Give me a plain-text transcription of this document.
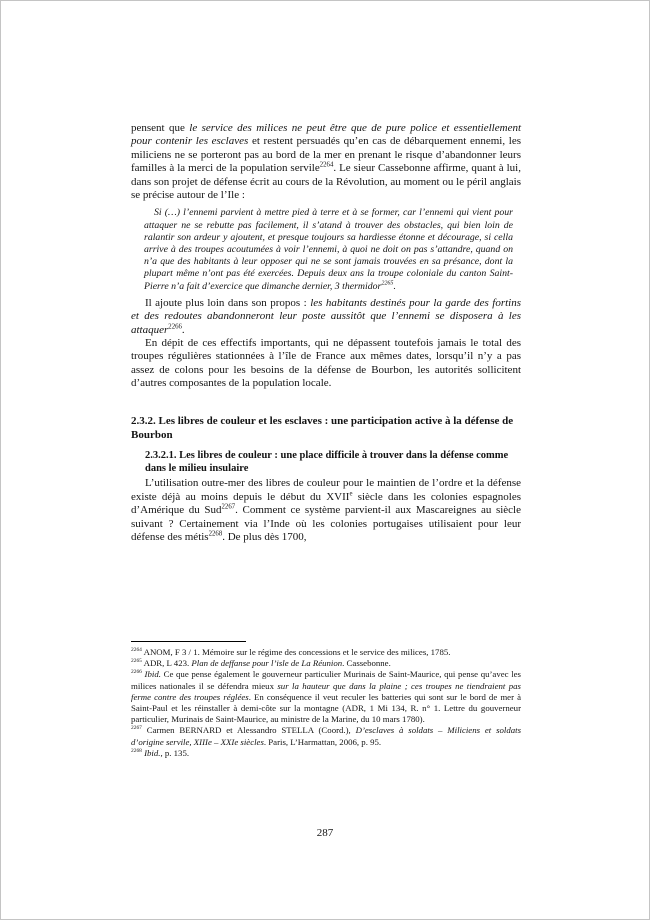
pensent que le service des milices ne peut être que de pure police et essentiellement pour contenir les esclaves et restent persuadés qu’en cas de débarquement ennemi, les miliciens ne se porteront pas au bord de la mer en prenant le risque d’abandonner leurs familles à la merci de la population servile$^{2264}$. Le sieur Cassebonne affirme, quant à lui, dans son projet de défense écrit au cours de la Révolution, au moment ou le péril anglais se précise autour de l’Ile :

Si (…) l’ennemi parvient à mettre pied à terre et à se former, car l’ennemi qui vient pour attaquer ne se rebutte pas facilement, il s’atand à trouver des obstacles, qui bien loin de ralantir son ardeur y ajoutent, et presque toujours sa hardiesse étonne et décourage, si cella arrive à des troupes acoutumées à voir l’ennemi, à quoi ne doit on pas s’attandre, quand on n’a que des habitants à leur opposer qui ne se sont jamais trouvées en sa présance, dont la plupart même n’ont pas été exercées. Depuis deux ans la troupe coloniale du canton Saint-Pierre n’a fait d’exercice que dimanche dernier, 3 thermidor$^{2265}$.

Il ajoute plus loin dans son propos : les habitants destinés pour la garde des fortins et des redoutes abandonneront leur poste aussitôt que l’ennemi se disposera à les attaquer$^{2266}$.

En dépit de ces effectifs importants, qui ne dépassent toutefois jamais le total des troupes régulières stationnées à l’île de France aux mêmes dates, lorsqu’il n’y a pas assez de colons pour les besoins de la défense de Bourbon, les autorités sollicitent d’autres composantes de la population locale.

2.3.2. Les libres de couleur et les esclaves : une participation active à la défense de Bourbon
2.3.2.1. Les libres de couleur : une place difficile à trouver dans la défense comme dans le milieu insulaire

L’utilisation outre-mer des libres de couleur pour le maintien de l’ordre et la défense existe déjà au moins depuis le début du XVIIe siècle dans les colonies espagnoles d’Amérique du Sud$^{2267}$. Comment ce système parvient-il aux Mascareignes au siècle suivant ? Certainement via l’Inde où les colonies portugaises utilisaient pour leur défense des métis$^{2268}$. De plus dès 1700,

$^{2264}$ ANOM, F 3 / 1. Mémoire sur le régime des concessions et le service des milices, 1785.

$^{2265}$ ADR, L 423. Plan de deffanse pour l’isle de La Réunion. Cassebonne.

$^{2266}$ Ibid. Ce que pense également le gouverneur particulier Murinais de Saint-Maurice, qui pense qu’avec les milices nationales il se défendra mieux sur la hauteur que dans la plaine ; ces troupes ne tiendraient pas ferme contre des troupes réglées. En conséquence il veut reculer les batteries qui sont sur le bord de mer à Saint-Paul et les réinstaller à demi-côte sur la montagne (ADR, 1 Mi 134, R. n° 1. Lettre du gouverneur particulier, Murinais de Saint-Maurice, au ministre de la Marine, du 10 mars 1780).

$^{2267}$ Carmen BERNARD et Alessandro STELLA (Coord.), D’esclaves à soldats – Miliciens et soldats d’origine servile, XIIIe – XXIe siècles. Paris, L’Harmattan, 2006, p. 95.

$^{2268}$ Ibid., p. 135.

287
